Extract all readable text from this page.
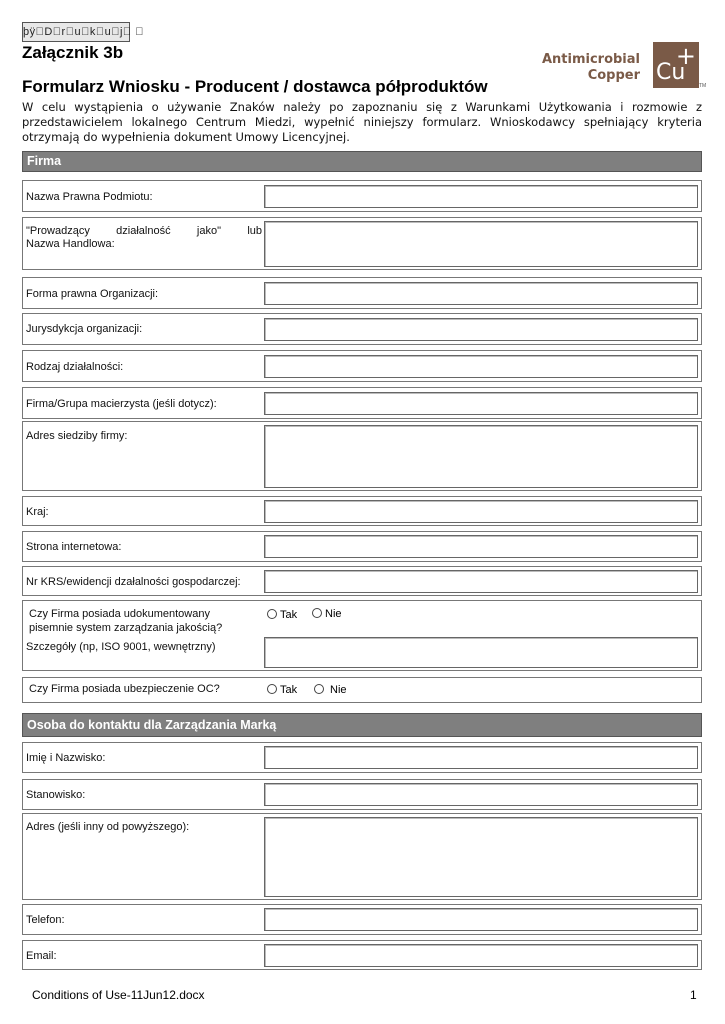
þÿ D r u k u j   
Załącznik 3b	Antimicrobial
Copper Cu
+
TM
Formularz Wniosku - Producent / dostawca półproduktów
W celu wystąpienia o używanie Znaków należy po zapoznaniu się z Warunkami Użytkowania i rozmowie z przedstawicielem lokalnego Centrum Miedzi, wypełnić niniejszy formularz. Wnioskodawcy spełniający kryteria otrzymają do wypełnienia dokument Umowy Licencyjnej.
Firma
Nazwa Prawna Podmiotu:
"Prowadzący działalność jako" lub
Nazwa Handlowa:
Forma prawna Organizacji:
Jurysdykcja organizacji:
Rodzaj działalności:
Firma/Grupa macierzysta (jeśli dotycz):
Adres siedziby firmy:
Kraj:
Strona internetowa:
Nr KRS/ewidencji dzałalności gospodarczej:
Czy Firma posiada udokumentowany
pisemnie system zarządzania jakością?
Tak	Nie
Szczegóły (np, ISO 9001, wewnętrzny)
Czy Firma posiada ubezpieczenie OC?	Tak	Nie
Osoba do kontaktu dla Zarządzania Marką
Imię i Nazwisko:
Stanowisko:
Adres (jeśli inny od powyższego):
Telefon:
Email:
Conditions of Use-11Jun12.docx	1
